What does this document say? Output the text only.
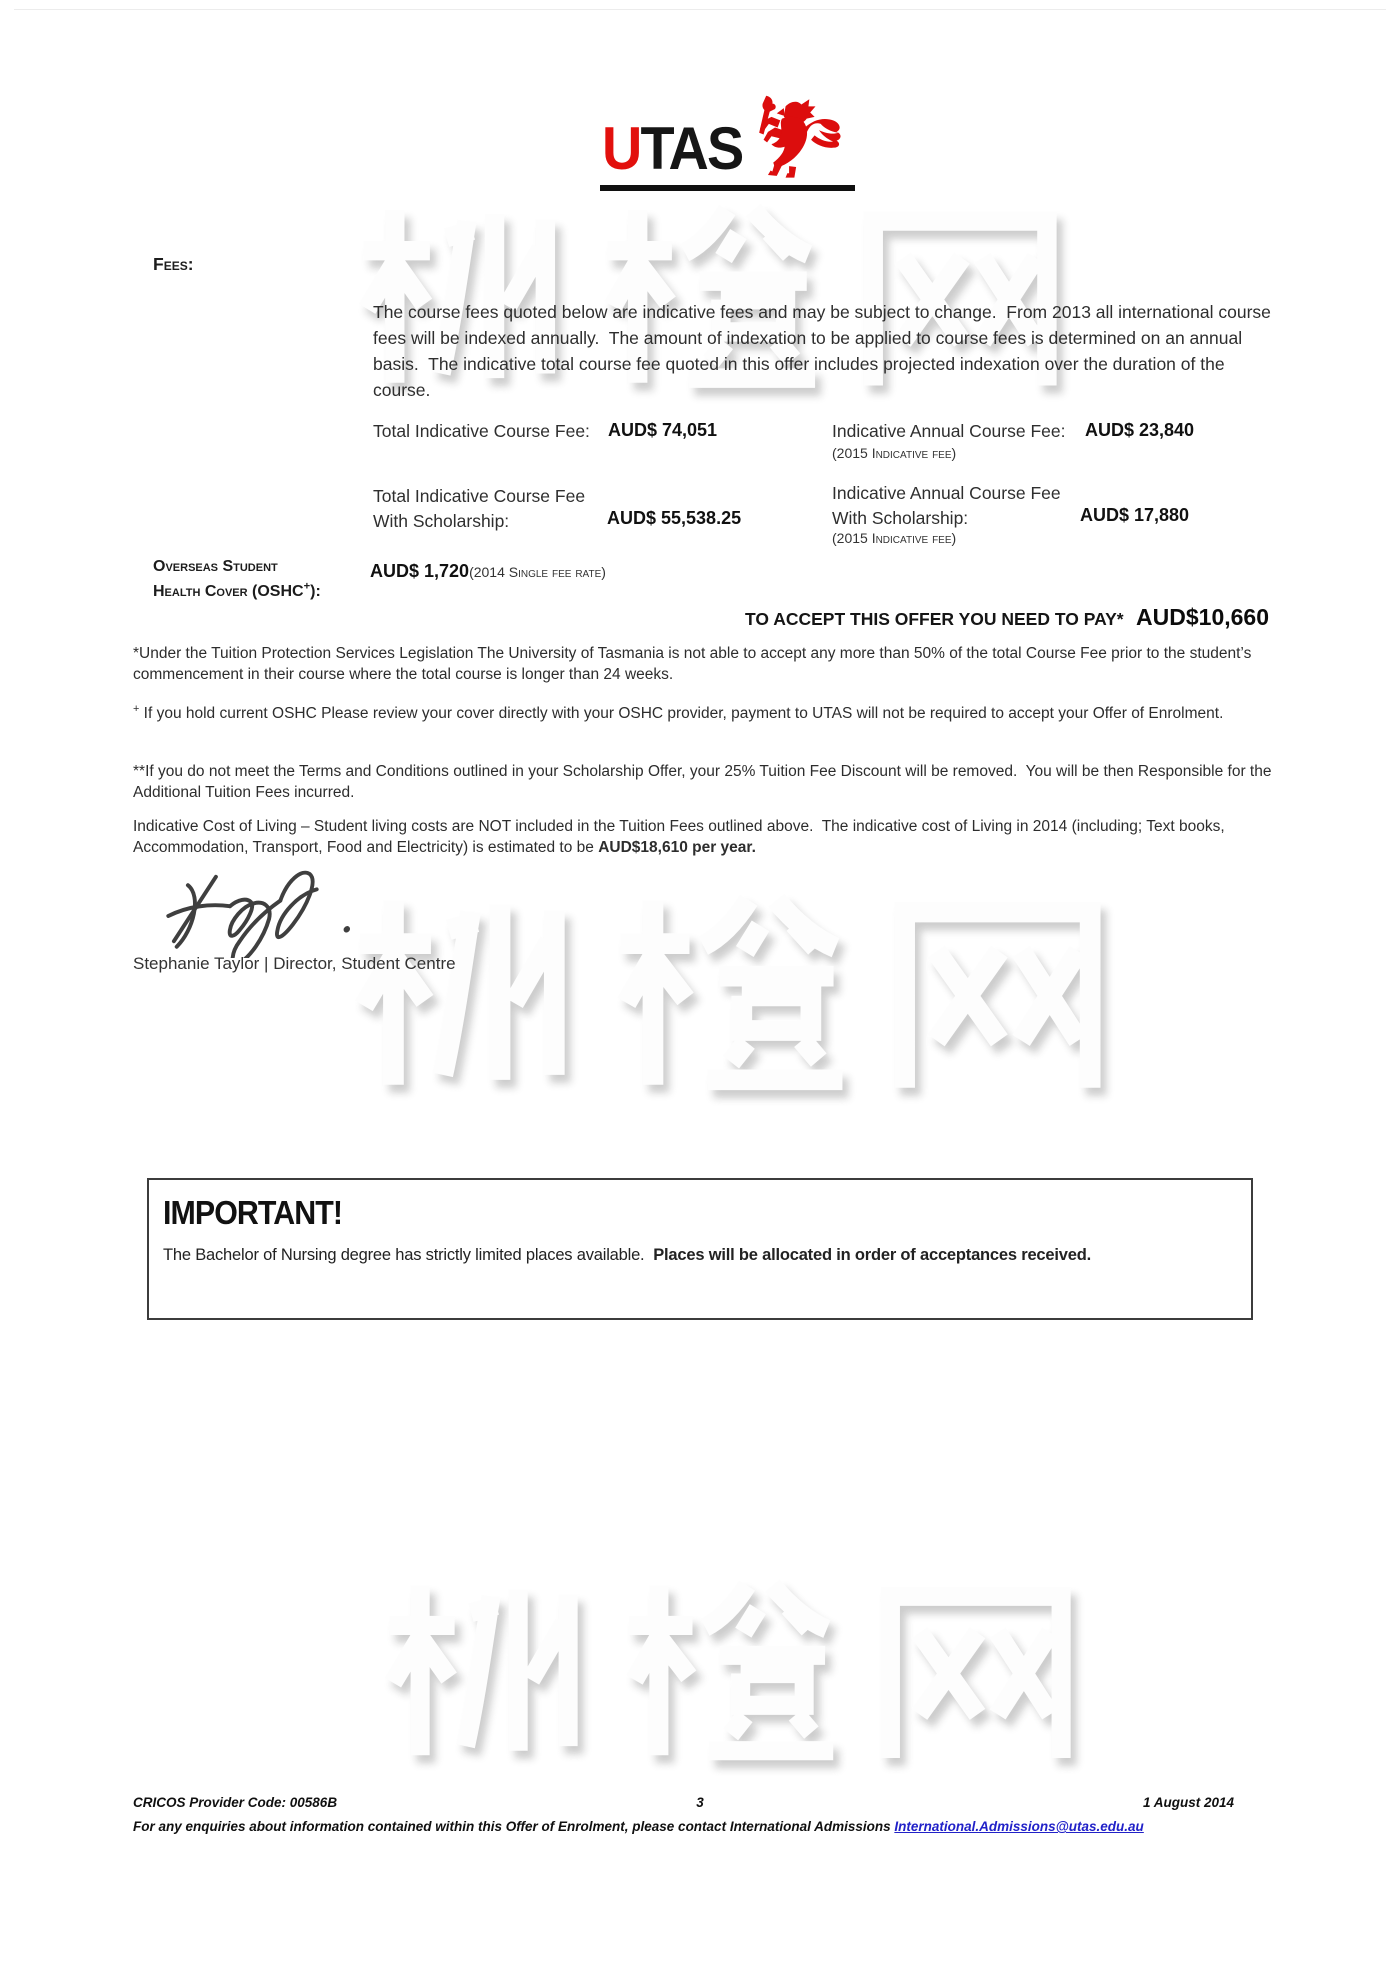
UTAS
Fees:
The course fees quoted below are indicative fees and may be subject to change.  From 2013 all international course fees will be indexed annually.  The amount of indexation to be applied to course fees is determined on an annual basis.  The indicative total course fee quoted in this offer includes projected indexation over the duration of the course.
Total Indicative Course Fee: AUD$ 74,051	Indicative Annual Course Fee: AUD$ 23,840
(2015 Indicative fee)
Total Indicative Course Fee
With Scholarship:	AUD$ 55,538.25
Indicative Annual Course Fee
With Scholarship:	AUD$ 17,880
(2015 Indicative fee)
Overseas Student
Health Cover (OSHC+):
AUD$ 1,720(2014 Single fee rate)
TO ACCEPT THIS OFFER YOU NEED TO PAY* AUD$10,660
*Under the Tuition Protection Services Legislation The University of Tasmania is not able to accept any more than 50% of the total Course Fee prior to the student’s commencement in their course where the total course is longer than 24 weeks.
+ If you hold current OSHC Please review your cover directly with your OSHC provider, payment to UTAS will not be required to accept your Offer of Enrolment.
**If you do not meet the Terms and Conditions outlined in your Scholarship Offer, your 25% Tuition Fee Discount will be removed.  You will be then Responsible for the Additional Tuition Fees incurred.
Indicative Cost of Living – Student living costs are NOT included in the Tuition Fees outlined above.  The indicative cost of Living in 2014 (including; Text books, Accommodation, Transport, Food and Electricity) is estimated to be AUD$18,610 per year.
Stephanie Taylor | Director, Student Centre
IMPORTANT!
The Bachelor of Nursing degree has strictly limited places available.  Places will be allocated in order of acceptances received.
CRICOS Provider Code: 00586B	3	1 August 2014
For any enquiries about information contained within this Offer of Enrolment, please contact International Admissions International.Admissions@utas.edu.au
